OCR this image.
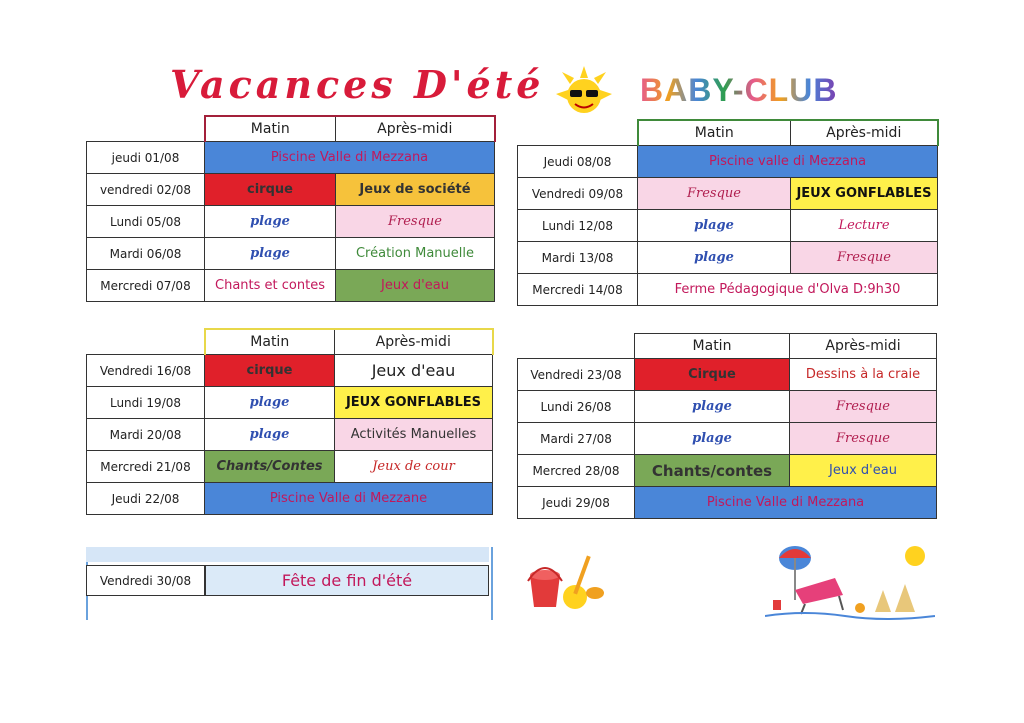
Vacances D'été	BABY-CLUB
	Matin	Après-midi
jeudi 01/08	Piscine Valle di Mezzana	
vendredi 02/08	cirque	Jeux de société
Lundi 05/08	plage	Fresque
Mardi 06/08	plage	Création Manuelle
Mercredi 07/08	Chants et contes	Jeux d'eau
	Matin	Après-midi
Jeudi 08/08	Piscine valle di Mezzana	
Vendredi 09/08	Fresque	JEUX GONFLABLES
Lundi 12/08	plage	Lecture
Mardi 13/08	plage	Fresque
Mercredi 14/08	Ferme Pédagogique d'Olva D:9h30	
	Matin	Après-midi
Vendredi 16/08	cirque	Jeux d'eau
Lundi 19/08	plage	JEUX GONFLABLES
Mardi 20/08	plage	Activités Manuelles
Mercredi 21/08	Chants/Contes	Jeux de cour
Jeudi 22/08	Piscine Valle di Mezzane	
	Matin	Après-midi
Vendredi 23/08	Cirque	Dessins à la craie
Lundi 26/08	plage	Fresque
Mardi 27/08	plage	Fresque
Mercred 28/08	Chants/contes	Jeux d'eau
Jeudi 29/08	Piscine Valle di Mezzana	
Vendredi 30/08	Fête de fin d'été
